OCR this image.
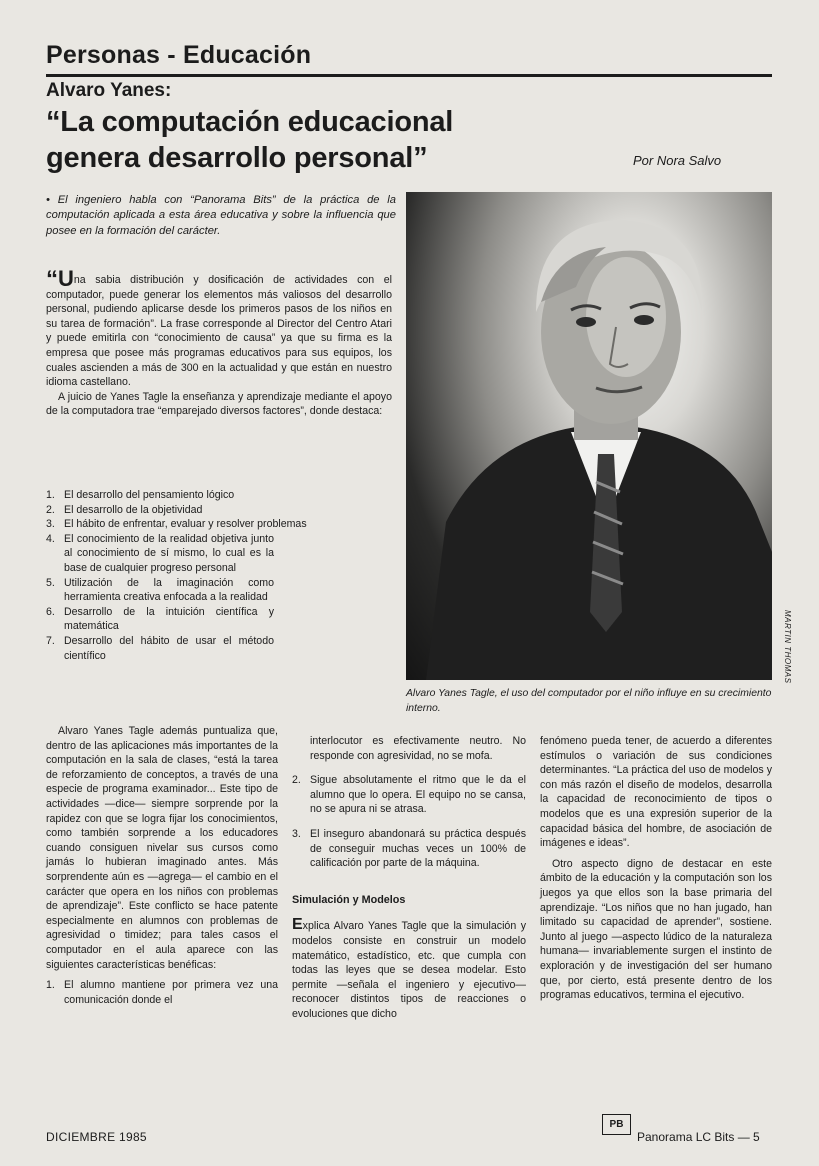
Personas - Educación
Alvaro Yanes:
“La computación educacional
genera desarrollo personal”	Por Nora Salvo

• El ingeniero habla con “Panorama Bits” de la práctica de la computación aplicada a esta área educativa y sobre la influencia que posee en la formación del carácter.

“Una sabia distribución y dosificación de actividades con el computador, puede generar los elementos más valiosos del desarrollo personal, pudiendo aplicarse desde los primeros pasos de los niños en su tarea de formación”. La frase corresponde al Director del Centro Atari y puede emitirla con “conocimiento de causa” ya que su firma es la empresa que posee más programas educativos para sus equipos, los cuales ascienden a más de 300 en la actualidad y que están en nuestro idioma castellano.

A juicio de Yanes Tagle la enseñanza y aprendizaje mediante el apoyo de la computadora trae “emparejado diversos factores”, donde destaca:

1. El desarrollo del pensamiento lógico
2. El desarrollo de la objetividad
3. El hábito de enfrentar, evaluar y resolver problemas
4. El conocimiento de la realidad objetiva junto al conocimiento de sí mismo, lo cual es la base de cualquier progreso personal
5. Utilización de la imaginación como herramienta creativa enfocada a la realidad
6. Desarrollo de la intuición científica y matemática
7. Desarrollo del hábito de usar el método científico	MARTIN THOMAS
Alvaro Yanes Tagle, el uso del computador por el niño influye en su crecimiento interno.

Alvaro Yanes Tagle además puntualiza que, dentro de las aplicaciones más importantes de la computación en la sala de clases, “está la tarea de reforzamiento de conceptos, a través de una especie de programa examinador... Este tipo de actividades —dice— siempre sorprende por la rapidez con que se logra fijar los conocimientos, como también sorprende a los educadores cuando consiguen nivelar sus cursos como jamás lo hubieran imaginado antes. Más sorprendente aún es —agrega— el cambio en el carácter que opera en los niños con problemas de aprendizaje”. Este conflicto se hace patente especialmente en alumnos con problemas de agresividad o timidez; para tales casos el computador en el aula aparece con las siguientes características benéficas:

1. El alumno mantiene por primera vez una comunicación donde el

interlocutor es efectivamente neutro. No responde con agresividad, no se mofa.

2. Sigue absolutamente el ritmo que le da el alumno que lo opera. El equipo no se cansa, no se apura ni se atrasa.
3. El inseguro abandonará su práctica después de conseguir muchas veces un 100% de calificación por parte de la máquina.
Simulación y Modelos

Explica Alvaro Yanes Tagle que la simulación y modelos consiste en construir un modelo matemático, estadístico, etc. que cumpla con todas las leyes que se desea modelar. Esto permite —señala el ingeniero y ejecutivo— reconocer distintos tipos de reacciones o evoluciones que dicho

fenómeno pueda tener, de acuerdo a diferentes estímulos o variación de sus condiciones determinantes. “La práctica del uso de modelos y con más razón el diseño de modelos, desarrolla la capacidad de reconocimiento de tipos o modelos que es una expresión superior de la capacidad básica del hombre, de asociación de imágenes e ideas”.

Otro aspecto digno de destacar en este ámbito de la educación y la computación son los juegos ya que ellos son la base primaria del aprendizaje. “Los niños que no han jugado, han limitado su capacidad de aprender”, sostiene. Junto al juego —aspecto lúdico de la naturaleza humana— invariablemente surgen el instinto de exploración y de investigación del ser humano que, por cierto, está presente dentro de los programas educativos, termina el ejecutivo.

DICIEMBRE 1985
PB
Panorama LC Bits — 5
